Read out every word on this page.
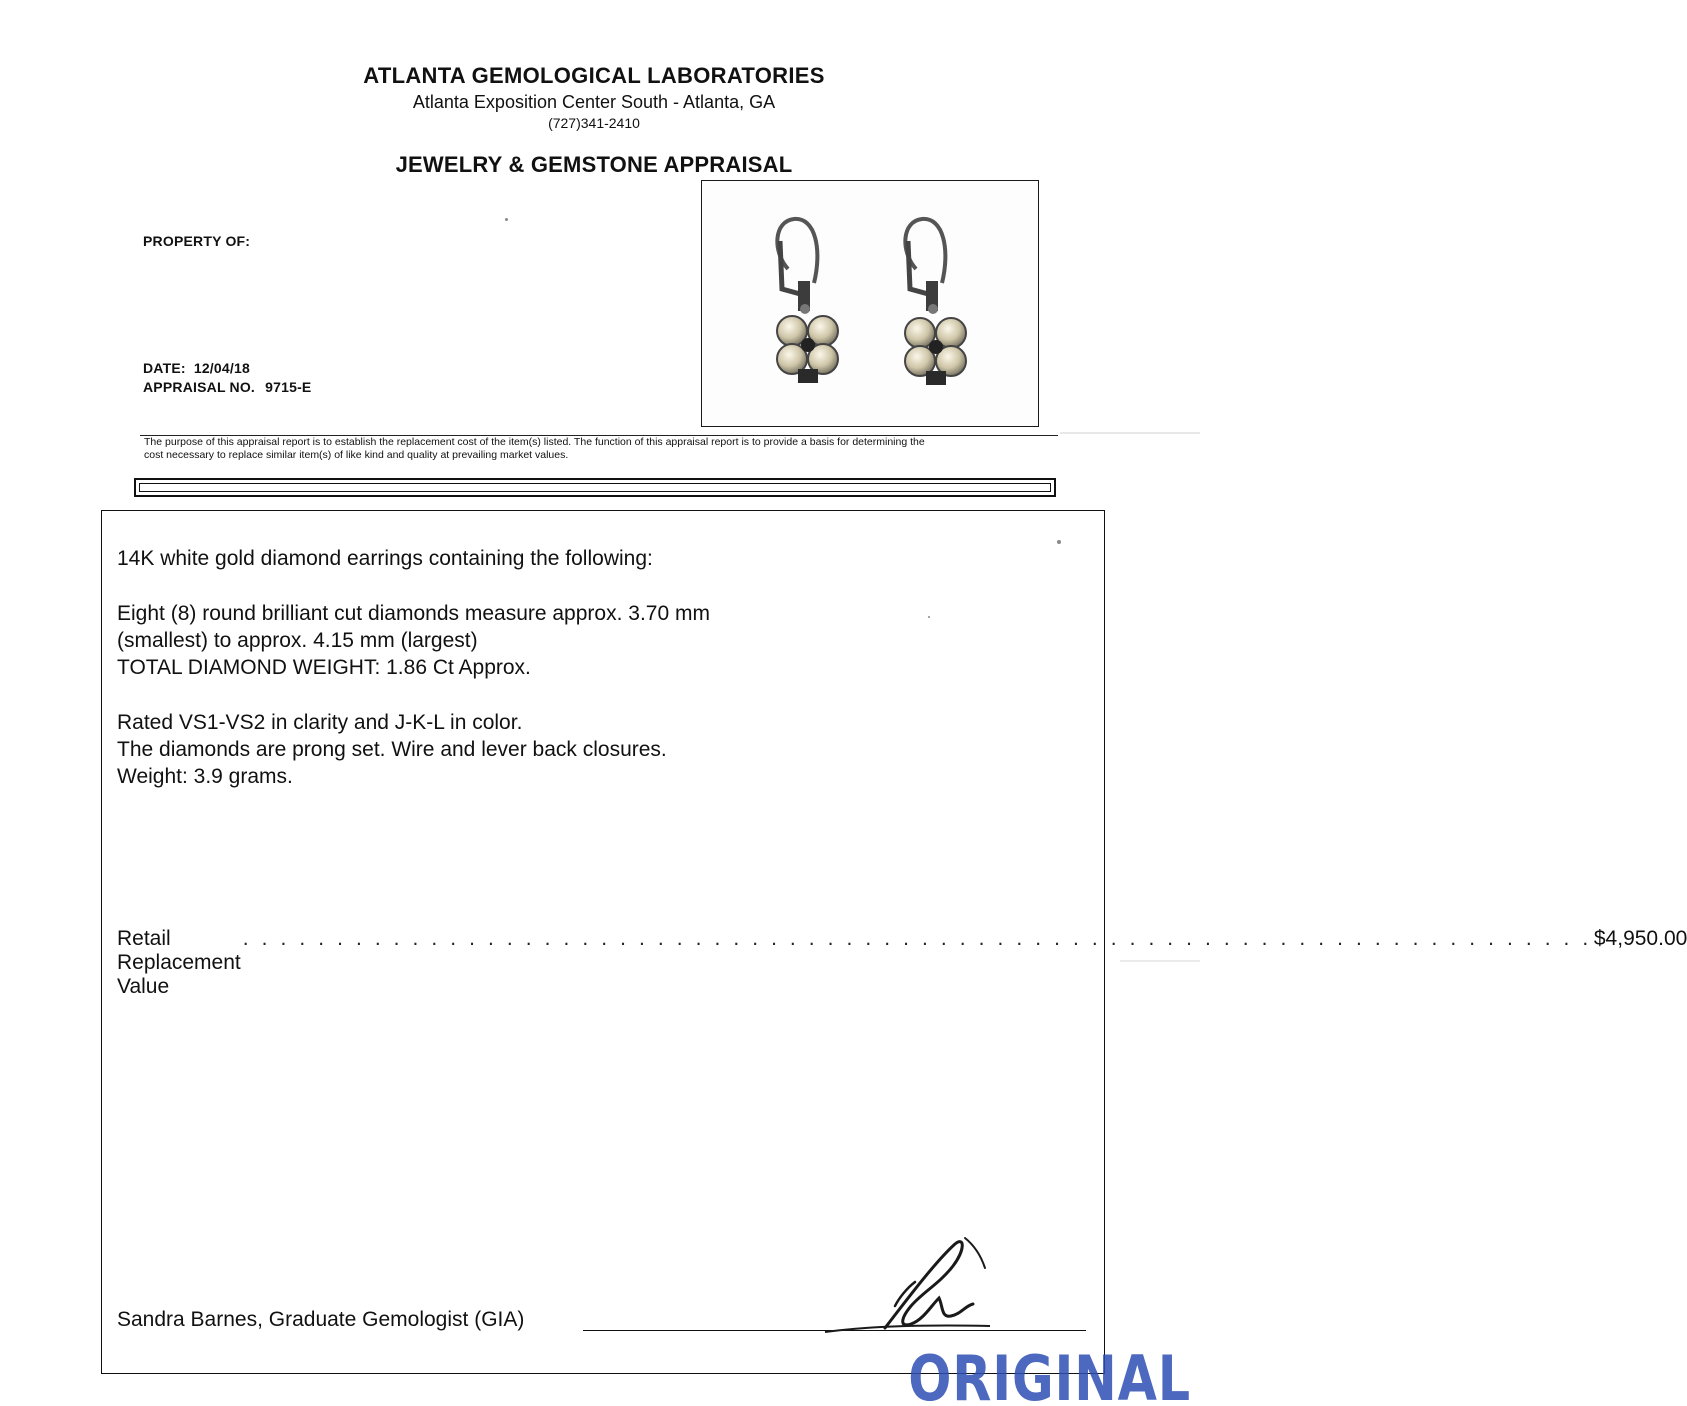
ATLANTA GEMOLOGICAL LABORATORIES
Atlanta Exposition Center South - Atlanta, GA
(727)341-2410
JEWELRY & GEMSTONE APPRAISAL
PROPERTY OF:
DATE: 12/04/18
APPRAISAL NO. 9715-E
The purpose of this appraisal report is to establish the replacement cost of the item(s) listed. The function of this appraisal report is to provide a basis for determining the
cost necessary to replace similar item(s) of like kind and quality at prevailing market values.
14K white gold diamond earrings containing the following:
Eight (8) round brilliant cut diamonds measure approx. 3.70 mm
(smallest) to approx. 4.15 mm (largest)
TOTAL DIAMOND WEIGHT: 1.86 Ct Approx.
Rated VS1-VS2 in clarity and J-K-L in color.
The diamonds are prong set. Wire and lever back closures.
Weight: 3.9 grams.
Retail Replacement Value
. . . . . . . . . . . . . . . . . . . . . . . . . . . . . . . . . . . . . . . . . . . . . . . . . . . . . . . . . . . . . . . . . . . . . . . . $4,950.00
Sandra Barnes, Graduate Gemologist (GIA)
ORIGINAL
